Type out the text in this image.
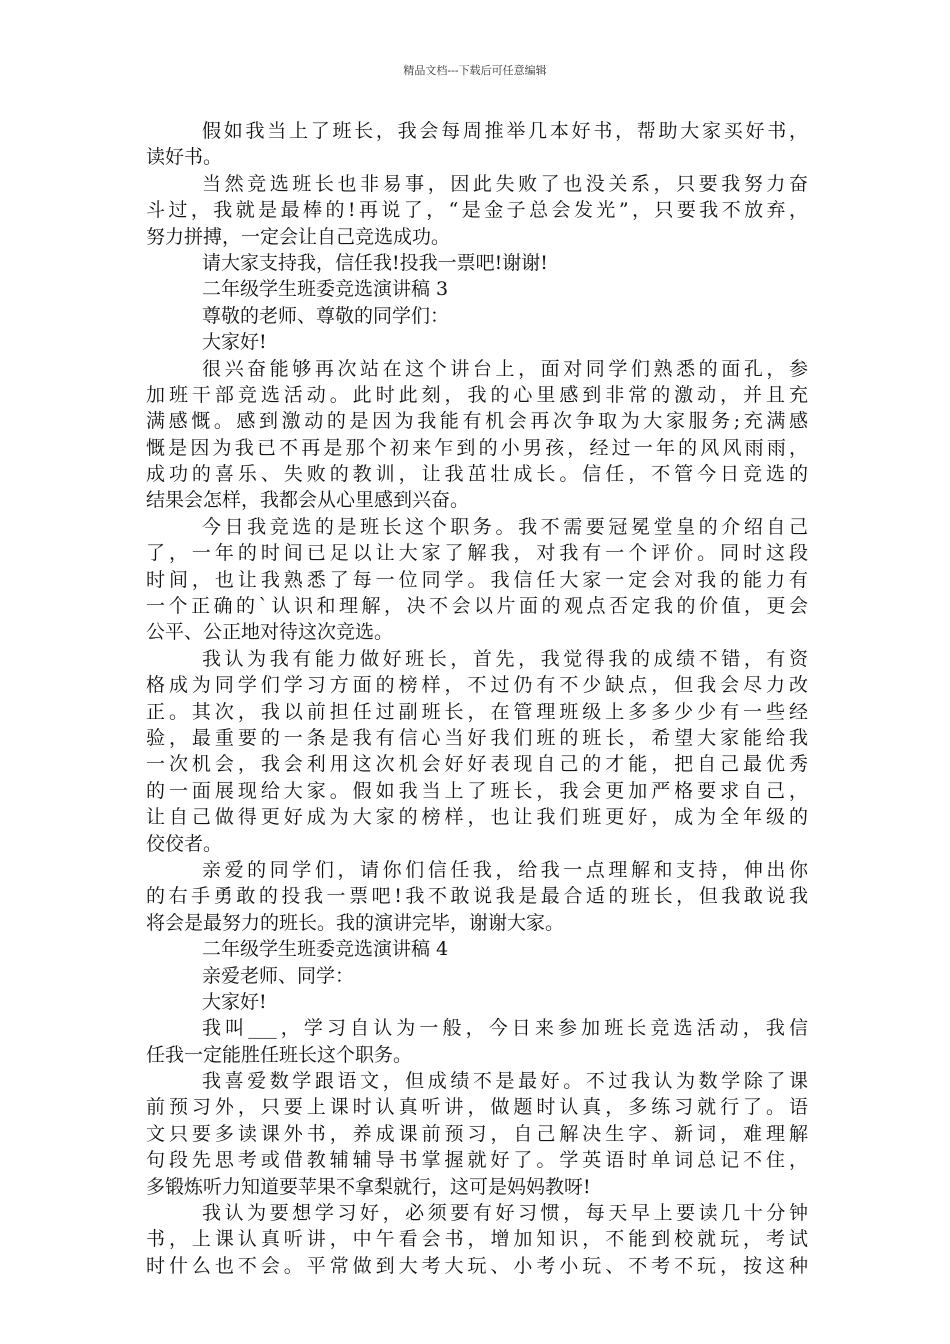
精品文档---下载后可任意编辑
假如我当上了班长，我会每周推举几本好书，帮助大家买好书，
读好书。
当然竞选班长也非易事，因此失败了也没关系，只要我努力奋
斗过，我就是最棒的!再说了，“是金子总会发光”，只要我不放弃，
努力拼搏，一定会让自己竞选成功。
请大家支持我，信任我!投我一票吧!谢谢!
二年级学生班委竞选演讲稿 3
尊敬的老师、尊敬的同学们：
大家好!
很兴奋能够再次站在这个讲台上，面对同学们熟悉的面孔，参
加班干部竞选活动。此时此刻，我的心里感到非常的激动，并且充
满感慨。感到激动的是因为我能有机会再次争取为大家服务;充满感
慨是因为我已不再是那个初来乍到的小男孩，经过一年的风风雨雨，
成功的喜乐、失败的教训，让我茁壮成长。信任，不管今日竞选的
结果会怎样，我都会从心里感到兴奋。
今日我竞选的是班长这个职务。我不需要冠冕堂皇的介绍自己
了，一年的时间已足以让大家了解我，对我有一个评价。同时这段
时间，也让我熟悉了每一位同学。我信任大家一定会对我的能力有
一个正确的`认识和理解，决不会以片面的观点否定我的价值，更会
公平、公正地对待这次竞选。
我认为我有能力做好班长，首先，我觉得我的成绩不错，有资
格成为同学们学习方面的榜样，不过仍有不少缺点，但我会尽力改
正。其次，我以前担任过副班长，在管理班级上多多少少有一些经
验，最重要的一条是我有信心当好我们班的班长，希望大家能给我
一次机会，我会利用这次机会好好表现自己的才能，把自己最优秀
的一面展现给大家。假如我当上了班长，我会更加严格要求自己，
让自己做得更好成为大家的榜样，也让我们班更好，成为全年级的
佼佼者。
亲爱的同学们，请你们信任我，给我一点理解和支持，伸出你
的右手勇敢的投我一票吧!我不敢说我是最合适的班长，但我敢说我
将会是最努力的班长。我的演讲完毕，谢谢大家。
二年级学生班委竞选演讲稿 4
亲爱老师、同学：
大家好!
我叫___，学习自认为一般，今日来参加班长竞选活动，我信
任我一定能胜任班长这个职务。
我喜爱数学跟语文，但成绩不是最好。不过我认为数学除了课
前预习外，只要上课时认真听讲，做题时认真，多练习就行了。语
文只要多读课外书，养成课前预习，自己解决生字、新词，难理解
句段先思考或借教辅辅导书掌握就好了。学英语时单词总记不住，
多锻炼听力知道要苹果不拿梨就行，这可是妈妈教呀!
我认为要想学习好，必须要有好习惯，每天早上要读几十分钟
书，上课认真听讲，中午看会书，增加知识，不能到校就玩，考试
时什么也不会。平常做到大考大玩、小考小玩、不考不玩，按这种
